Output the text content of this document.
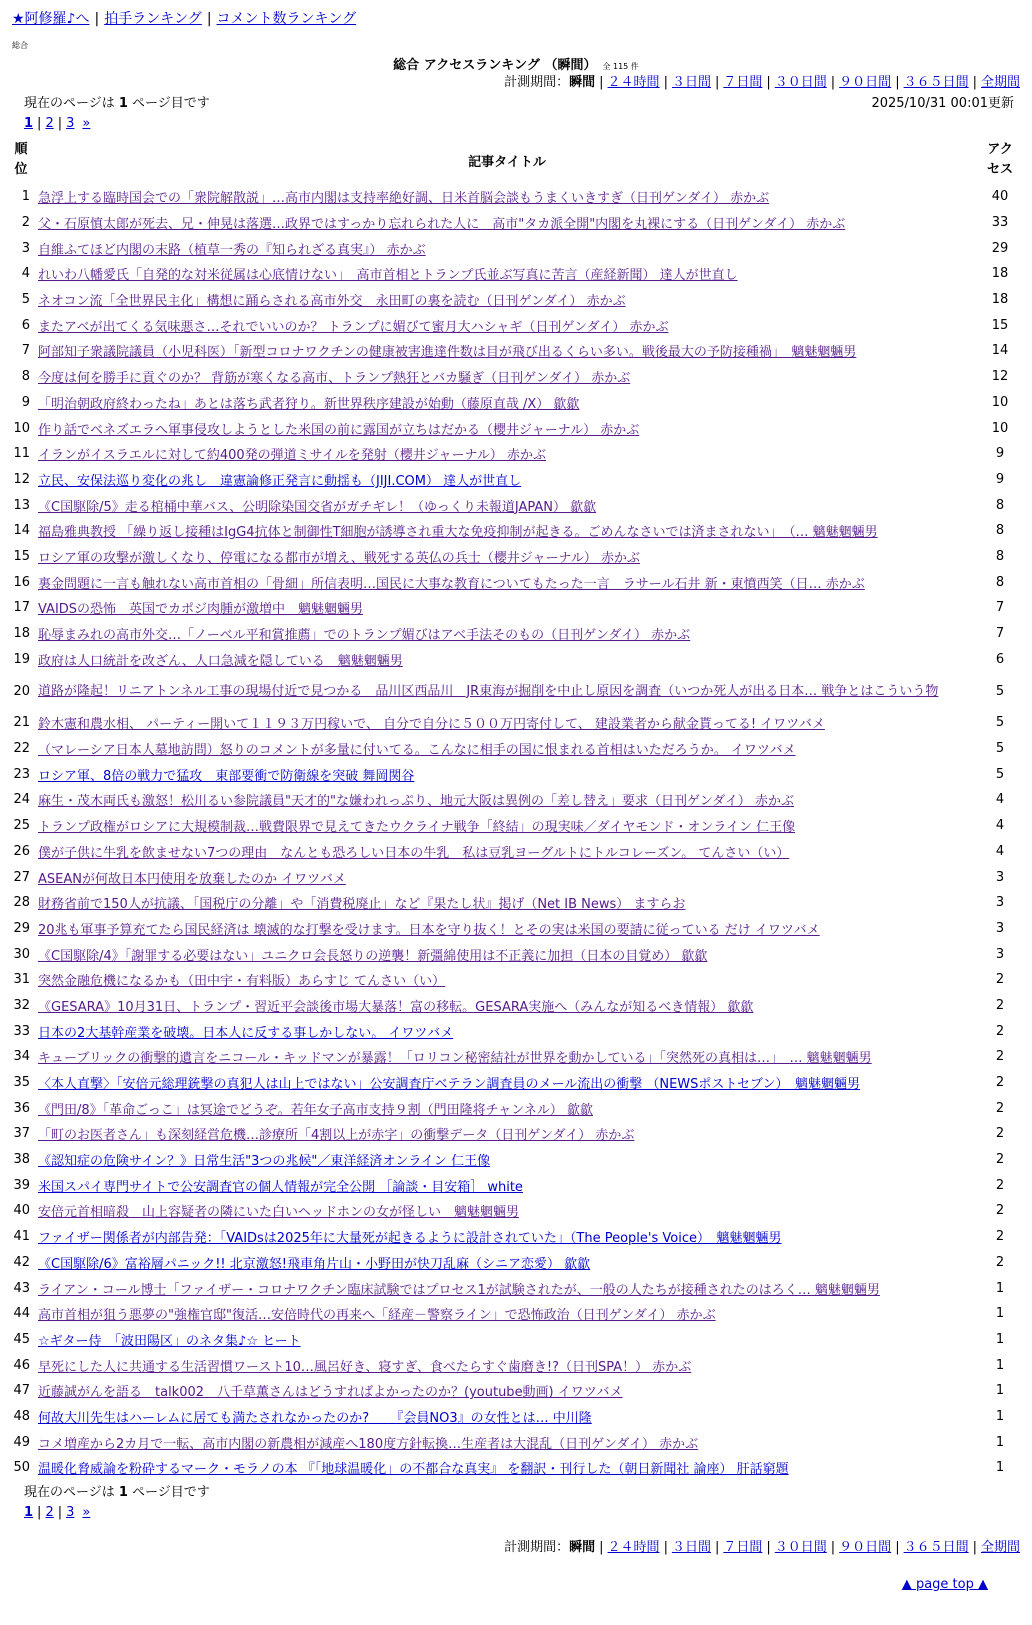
★阿修羅♪へ | 拍手ランキング | コメント数ランキング
総合
総合 アクセスランキング （瞬間） 全 115 件
計測期間：瞬間 | ２４時間 | ３日間 | ７日間 | ３０日間 | ９０日間 | ３６５日間 | 全期間
現在のページは 1 ページ目です	2025/10/31 00:01更新
1 | 2 | 3 »
順位	記事タイトル	アクセス

1	急浮上する臨時国会での「衆院解散説」…高市内閣は支持率絶好調、日米首脳会談もうまくいきすぎ（日刊ゲンダイ） 赤かぶ	40
2	父・石原慎太郎が死去、兄・伸晃は落選…政界ではすっかり忘れられた人に　高市"タカ派全開"内閣を丸裸にする（日刊ゲンダイ） 赤かぶ	33
3	自維ふてほど内閣の末路（植草一秀の『知られざる真実』） 赤かぶ	29
4	れいわ八幡愛氏「自発的な対米従属は心底情けない」　高市首相とトランプ氏並ぶ写真に苦言（産経新聞） 達人が世直し	18
5	ネオコン流「全世界民主化」構想に踊らされる高市外交　永田町の裏を読む（日刊ゲンダイ） 赤かぶ	18
6	またアベが出てくる気味悪さ…それでいいのか？ トランプに媚びて蜜月大ハシャギ（日刊ゲンダイ） 赤かぶ	15
7	阿部知子衆議院議員（小児科医）「新型コロナワクチンの健康被害進達件数は目が飛び出るくらい多い。戦後最大の予防接種禍」　魑魅魍魎男	14
8	今度は何を勝手に貢ぐのか？ 背筋が寒くなる高市、トランプ熱狂とバカ騒ぎ（日刊ゲンダイ） 赤かぶ	12
9	「明治朝政府終わったね」あとは落ち武者狩り。新世界秩序建設が始動（藤原直哉 /X） 歙歙	10
10	作り話でベネズエラへ軍事侵攻しようとした米国の前に露国が立ちはだかる（櫻井ジャーナル） 赤かぶ	10
11	イランがイスラエルに対して約400発の弾道ミサイルを発射（櫻井ジャーナル） 赤かぶ	9
12	立民、安保法巡り変化の兆し　違憲論修正発言に動揺も（JIJI.COM） 達人が世直し	9
13	《C国駆除/5》走る棺桶中華バス、公明除染国交省がガチギレ！（ゆっくり未報道JAPAN） 歙歙	8
14	福島雅典教授 「繰り返し接種はIgG4抗体と制御性T細胞が誘導され重大な免疫抑制が起きる。ごめんなさいでは済まされない」　（… 魑魅魍魎男	8
15	ロシア軍の攻撃が激しくなり、停電になる都市が増え、戦死する英仏の兵士（櫻井ジャーナル） 赤かぶ	8
16	裏金問題に一言も触れない高市首相の「骨細」所信表明…国民に大事な教育についてもたった一言　ラサール石井 新・東憤西笑（日… 赤かぶ	8
17	VAIDSの恐怖　英国でカポジ肉腫が激増中　魑魅魍魎男	7
18	恥辱まみれの高市外交…「ノーベル平和賞推薦」でのトランプ媚びはアベ手法そのもの（日刊ゲンダイ） 赤かぶ	7
19	政府は人口統計を改ざん、人口急減を隠している　魑魅魍魎男	6
20	道路が隆起！リニアトンネル工事の現場付近で見つかる　品川区西品川　JR東海が掘削を中止し原因を調査（いつか死人が出る日本… 戦争とはこういう物	5
21	鈴木憲和農水相、 パーティー開いて１１９３万円稼いで、 自分で自分に５００万円寄付して、 建設業者から献金貰ってる! イワツバメ	5
22	（マレーシア日本人墓地訪問）怒りのコメントが多量に付いてる。こんなに相手の国に恨まれる首相はいただろうか。 イワツバメ	5
23	ロシア軍、8倍の戦力で猛攻　東部要衝で防衛線を突破 舞岡関谷	5
24	麻生・茂木両氏も激怒！松川るい参院議員"天才的"な嫌われっぷり、地元大阪は異例の「差し替え」要求（日刊ゲンダイ） 赤かぶ	4
25	トランプ政権がロシアに大規模制裁…戦費限界で見えてきたウクライナ戦争「終結」の現実味／ダイヤモンド・オンライン 仁王像	4
26	僕が子供に牛乳を飲ませない7つの理由　なんとも恐ろしい日本の牛乳　私は豆乳ヨーグルトにトルコレーズン。 てんさい（い）	4
27	ASEANが何故日本円使用を放棄したのか イワツバメ	3
28	財務省前で150人が抗議、「国税庁の分離」や「消費税廃止」など『果たし状』掲げ（Net IB News） ますらお	3
29	20兆も軍事予算充てたら国民経済は 壊滅的な打撃を受けます。日本を守り抜く！とその実は米国の要請に従っている だけ イワツバメ	3
30	《C国駆除/4》「謝罪する必要はない」ユニクロ会長怒りの逆襲！新彊綿使用は不正義に加担（日本の目覚め） 歙歙	3
31	突然金融危機になるかも（田中宇・有料版）あらすじ てんさい（い）	2
32	《GESARA》10月31日、トランプ・習近平会談後市場大暴落！富の移転。GESARA実施へ（みんなが知るべき情報） 歙歙	2
33	日本の2大基幹産業を破壊。日本人に反する事しかしない。 イワツバメ	2
34	キューブリックの衝撃的遺言をニコール・キッドマンが暴露！「ロリコン秘密結社が世界を動かしている」「突然死の真相は…」　… 魑魅魍魎男	2
35	〈本人直撃〉「安倍元総理銃撃の真犯人は山上ではない」公安調査庁ベテラン調査員のメール流出の衝撃 （NEWSポストセブン）　魑魅魍魎男	2
36	《門田/8》「革命ごっこ」は冥途でどうぞ。若年女子高市支持９割（門田隆将チャンネル） 歙歙	2
37	「町のお医者さん」も深刻経営危機…診療所「4割以上が赤字」の衝撃データ（日刊ゲンダイ） 赤かぶ	2
38	《認知症の危険サイン？》日常生活"3つの兆候"／東洋経済オンライン 仁王像	2
39	米国スパイ専門サイトで公安調査官の個人情報が完全公開 ［論談・目安箱］ white	2
40	安倍元首相暗殺　山上容疑者の隣にいた白いヘッドホンの女が怪しい　魑魅魍魎男	2
41	ファイザー関係者が内部告発：「VAIDsは2025年に大量死が起きるように設計されていた」（The People's Voice）　魑魅魍魎男	2
42	《C国駆除/6》富裕層パニック!! 北京激怒!飛車角片山・小野田が快刀乱麻（シニア恋愛） 歙歙	2
43	ライアン・コール博士「ファイザー・コロナワクチン臨床試験ではプロセス1が試験されたが、一般の人たちが接種されたのはろく… 魑魅魍魎男	1
44	高市首相が狙う悪夢の"強権官邸"復活…安倍時代の再来へ「経産－警察ライン」で恐怖政治（日刊ゲンダイ） 赤かぶ	1
45	☆ギター侍　「波田陽区」のネタ集♪☆ ヒート	1
46	早死にした人に共通する生活習慣ワースト10…風呂好き、寝すぎ、食べたらすぐ歯磨き!?（日刊SPA！） 赤かぶ	1
47	近藤誠がんを語る　talk002　八千草薫さんはどうすればよかったのか？(youtube動画) イワツバメ	1
48	何故大川先生はハーレムに居ても満たされなかったのか? ＿ 『会員NO3』の女性とは… 中川隆	1
49	コメ増産から2カ月で一転、高市内閣の新農相が減産へ180度方針転換…生産者は大混乱（日刊ゲンダイ） 赤かぶ	1
50	温暖化脅威論を粉砕するマーク・モラノの本 『「地球温暖化」の不都合な真実』 を翻訳・刊行した（朝日新聞社 論座） 肝話窮題	1
現在のページは 1 ページ目です
1 | 2 | 3 »
計測期間：瞬間 | ２４時間 | ３日間 | ７日間 | ３０日間 | ９０日間 | ３６５日間 | 全期間
▲ page top ▲
